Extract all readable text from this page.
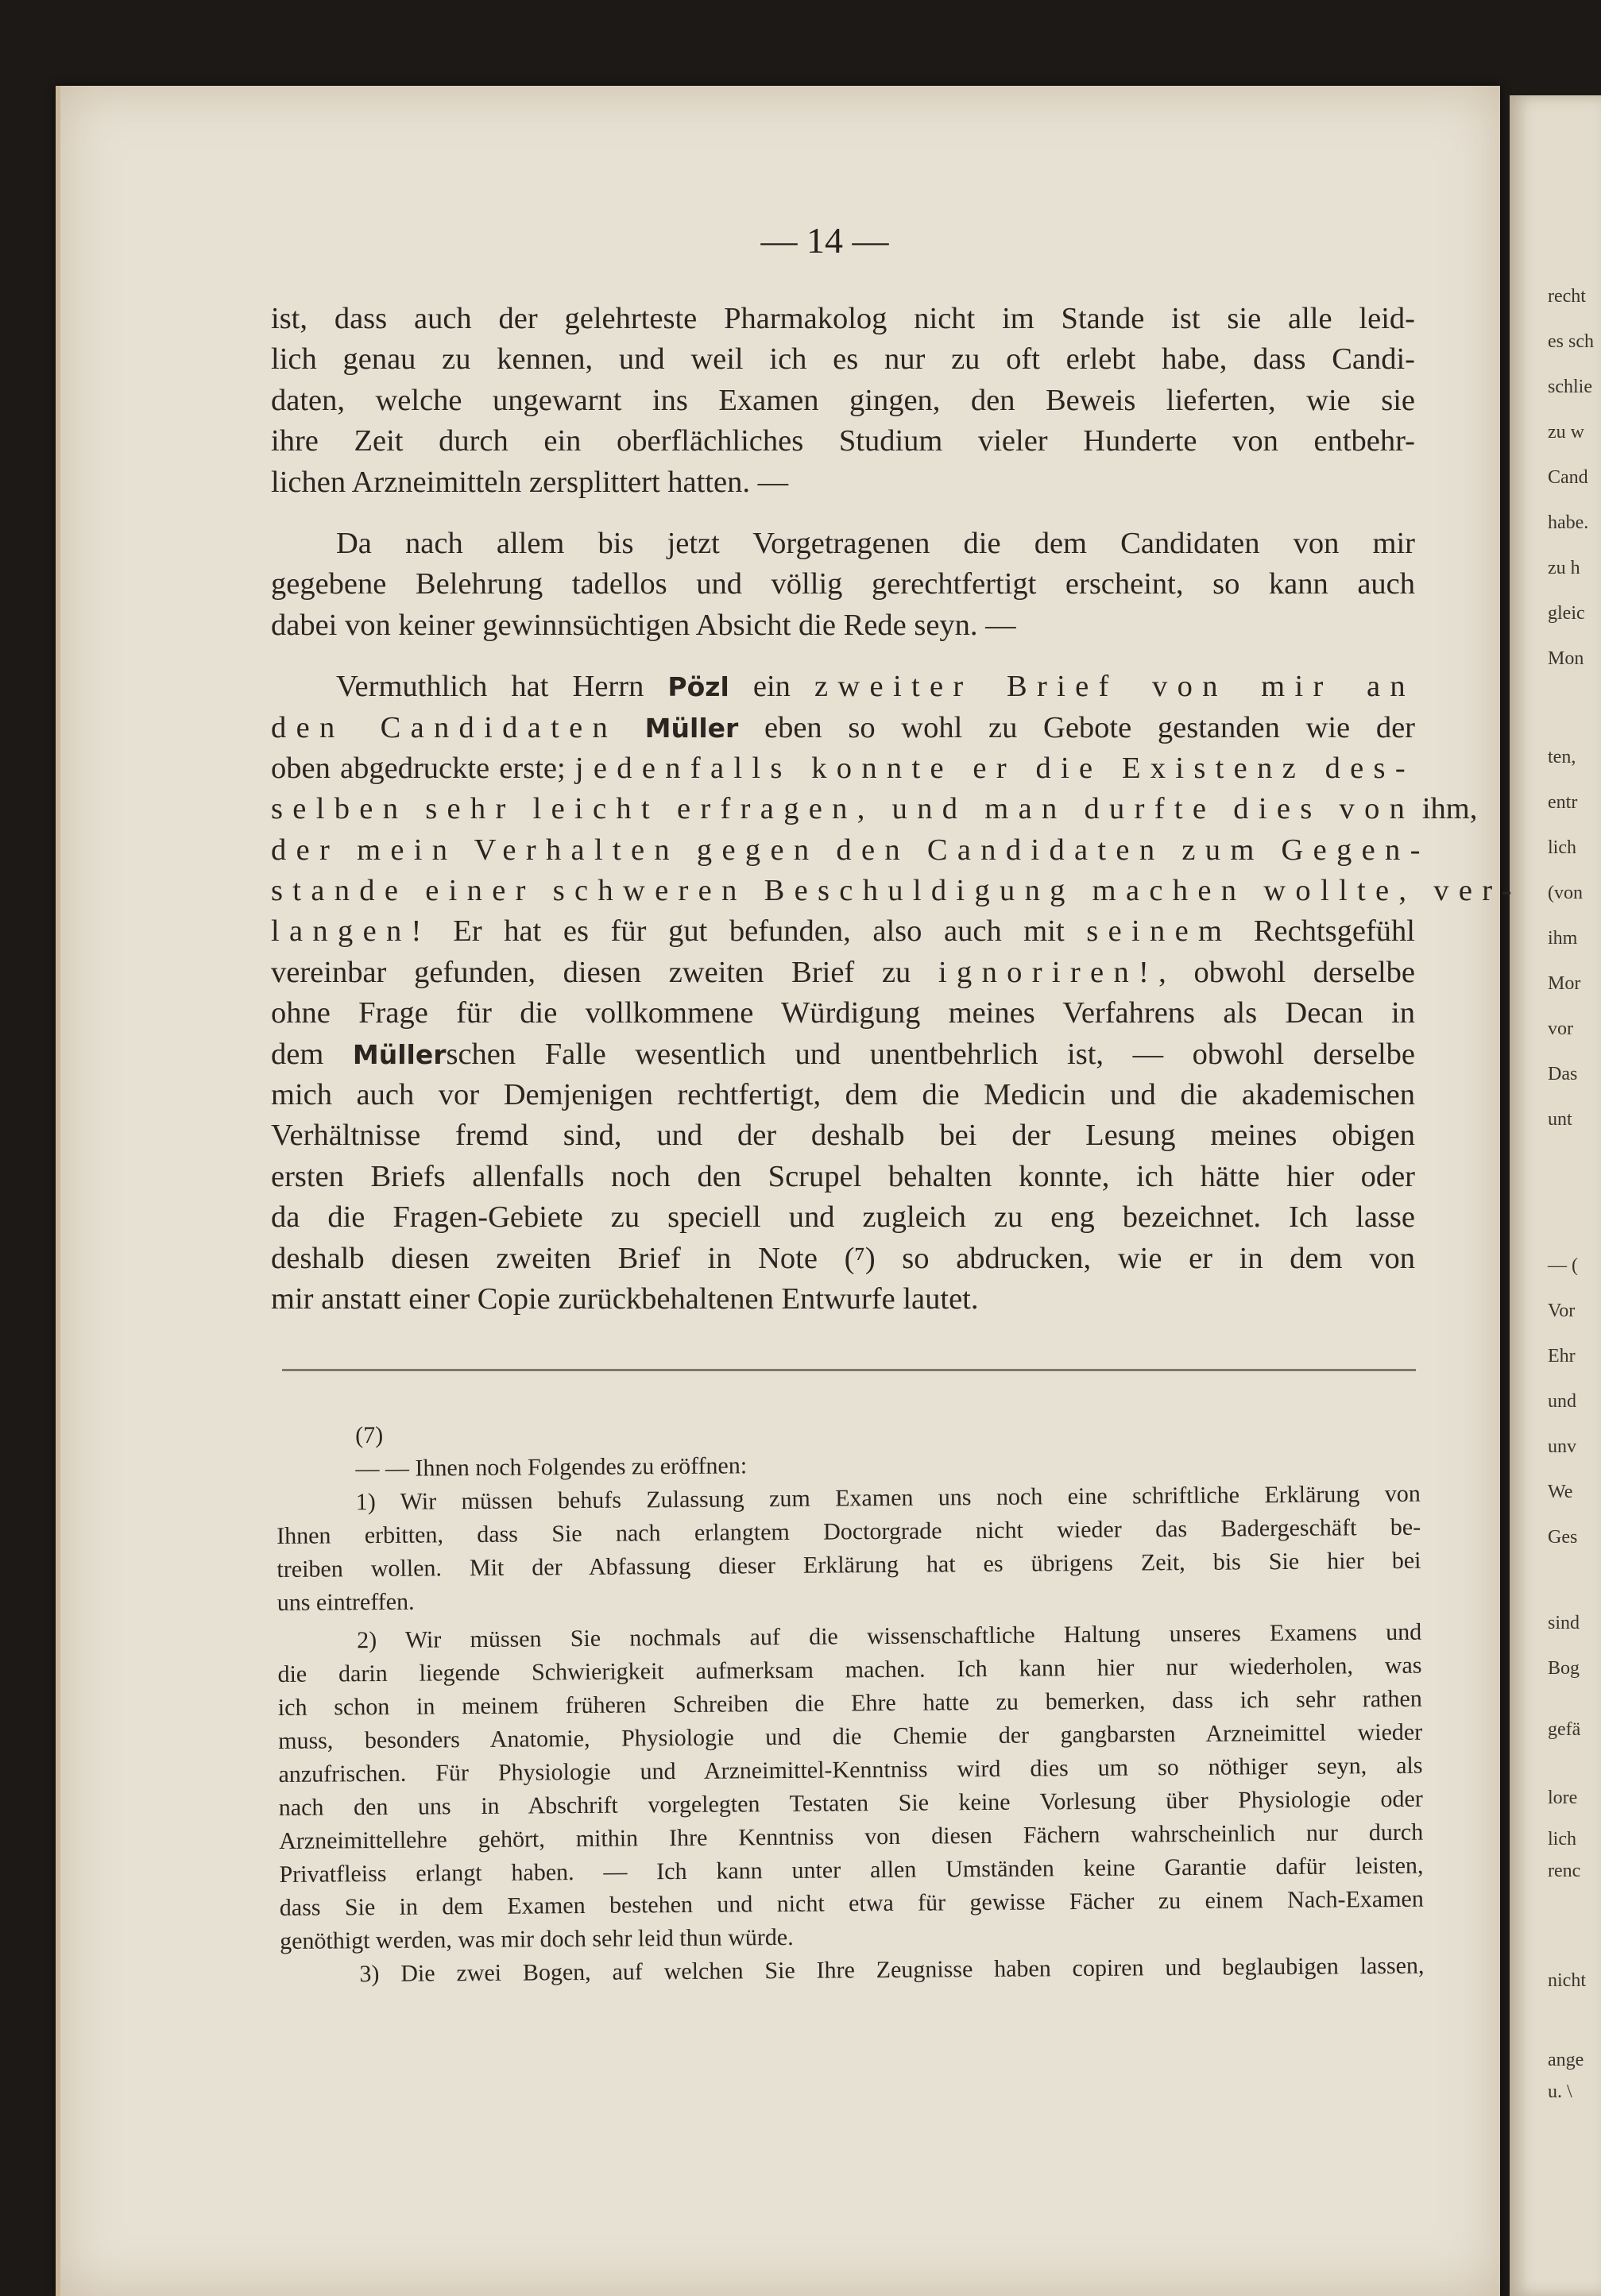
recht
es sch
schlie
zu w
Cand
habe.
zu h
gleic
Mon
ten,
entr
lich
(von
ihm
Mor
vor
Das
unt
— (
Vor
Ehr
und
unv
We
Ges
sind
Bog
gefä
lore
lich
renc
nicht
ange
u. \
— 14 —
ist, dass auch der gelehrteste Pharmakolog nicht im Stande ist sie alle leid-
lich genau zu kennen, und weil ich es nur zu oft erlebt habe, dass Candi-
daten, welche ungewarnt ins Examen gingen, den Beweis lieferten, wie sie
ihre Zeit durch ein oberflächliches Studium vieler Hunderte von entbehr-
lichen Arzneimitteln zersplittert hatten. —
Da nach allem bis jetzt Vorgetragenen die dem Candidaten von mir
gegebene Belehrung tadellos und völlig gerechtfertigt erscheint, so kann auch
dabei von keiner gewinnsüchtigen Absicht die Rede seyn. —
Vermuthlich hat Herrn Pözl ein zweiter Brief von mir an
den Candidaten Müller eben so wohl zu Gebote gestanden wie der
oben abgedruckte erste; jedenfalls konnte er die Existenz des-
selben sehr leicht erfragen, und man durfte dies von ihm,
der mein Verhalten gegen den Candidaten zum Gegen-
stande einer schweren Beschuldigung machen wollte, ver-
langen! Er hat es für gut befunden, also auch mit seinem Rechtsgefühl
vereinbar gefunden, diesen zweiten Brief zu ignoriren!, obwohl derselbe
ohne Frage für die vollkommene Würdigung meines Verfahrens als Decan in
dem Müllerschen Falle wesentlich und unentbehrlich ist, — obwohl derselbe
mich auch vor Demjenigen rechtfertigt, dem die Medicin und die akademischen
Verhältnisse fremd sind, und der deshalb bei der Lesung meines obigen
ersten Briefs allenfalls noch den Scrupel behalten konnte, ich hätte hier oder
da die Fragen-Gebiete zu speciell und zugleich zu eng bezeichnet. Ich lasse
deshalb diesen zweiten Brief in Note (⁷) so abdrucken, wie er in dem von
mir anstatt einer Copie zurückbehaltenen Entwurfe lautet.
(7)
— — Ihnen noch Folgendes zu eröffnen:
1) Wir müssen behufs Zulassung zum Examen uns noch eine schriftliche Erklärung von
Ihnen erbitten, dass Sie nach erlangtem Doctorgrade nicht wieder das Badergeschäft be-
treiben wollen. Mit der Abfassung dieser Erklärung hat es übrigens Zeit, bis Sie hier bei
uns eintreffen.
2) Wir müssen Sie nochmals auf die wissenschaftliche Haltung unseres Examens und
die darin liegende Schwierigkeit aufmerksam machen. Ich kann hier nur wiederholen, was
ich schon in meinem früheren Schreiben die Ehre hatte zu bemerken, dass ich sehr rathen
muss, besonders Anatomie, Physiologie und die Chemie der gangbarsten Arzneimittel wieder
anzufrischen. Für Physiologie und Arzneimittel-Kenntniss wird dies um so nöthiger seyn, als
nach den uns in Abschrift vorgelegten Testaten Sie keine Vorlesung über Physiologie oder
Arzneimittellehre gehört, mithin Ihre Kenntniss von diesen Fächern wahrscheinlich nur durch
Privatfleiss erlangt haben. — Ich kann unter allen Umständen keine Garantie dafür leisten,
dass Sie in dem Examen bestehen und nicht etwa für gewisse Fächer zu einem Nach-Examen
genöthigt werden, was mir doch sehr leid thun würde.
3) Die zwei Bogen, auf welchen Sie Ihre Zeugnisse haben copiren und beglaubigen lassen,
